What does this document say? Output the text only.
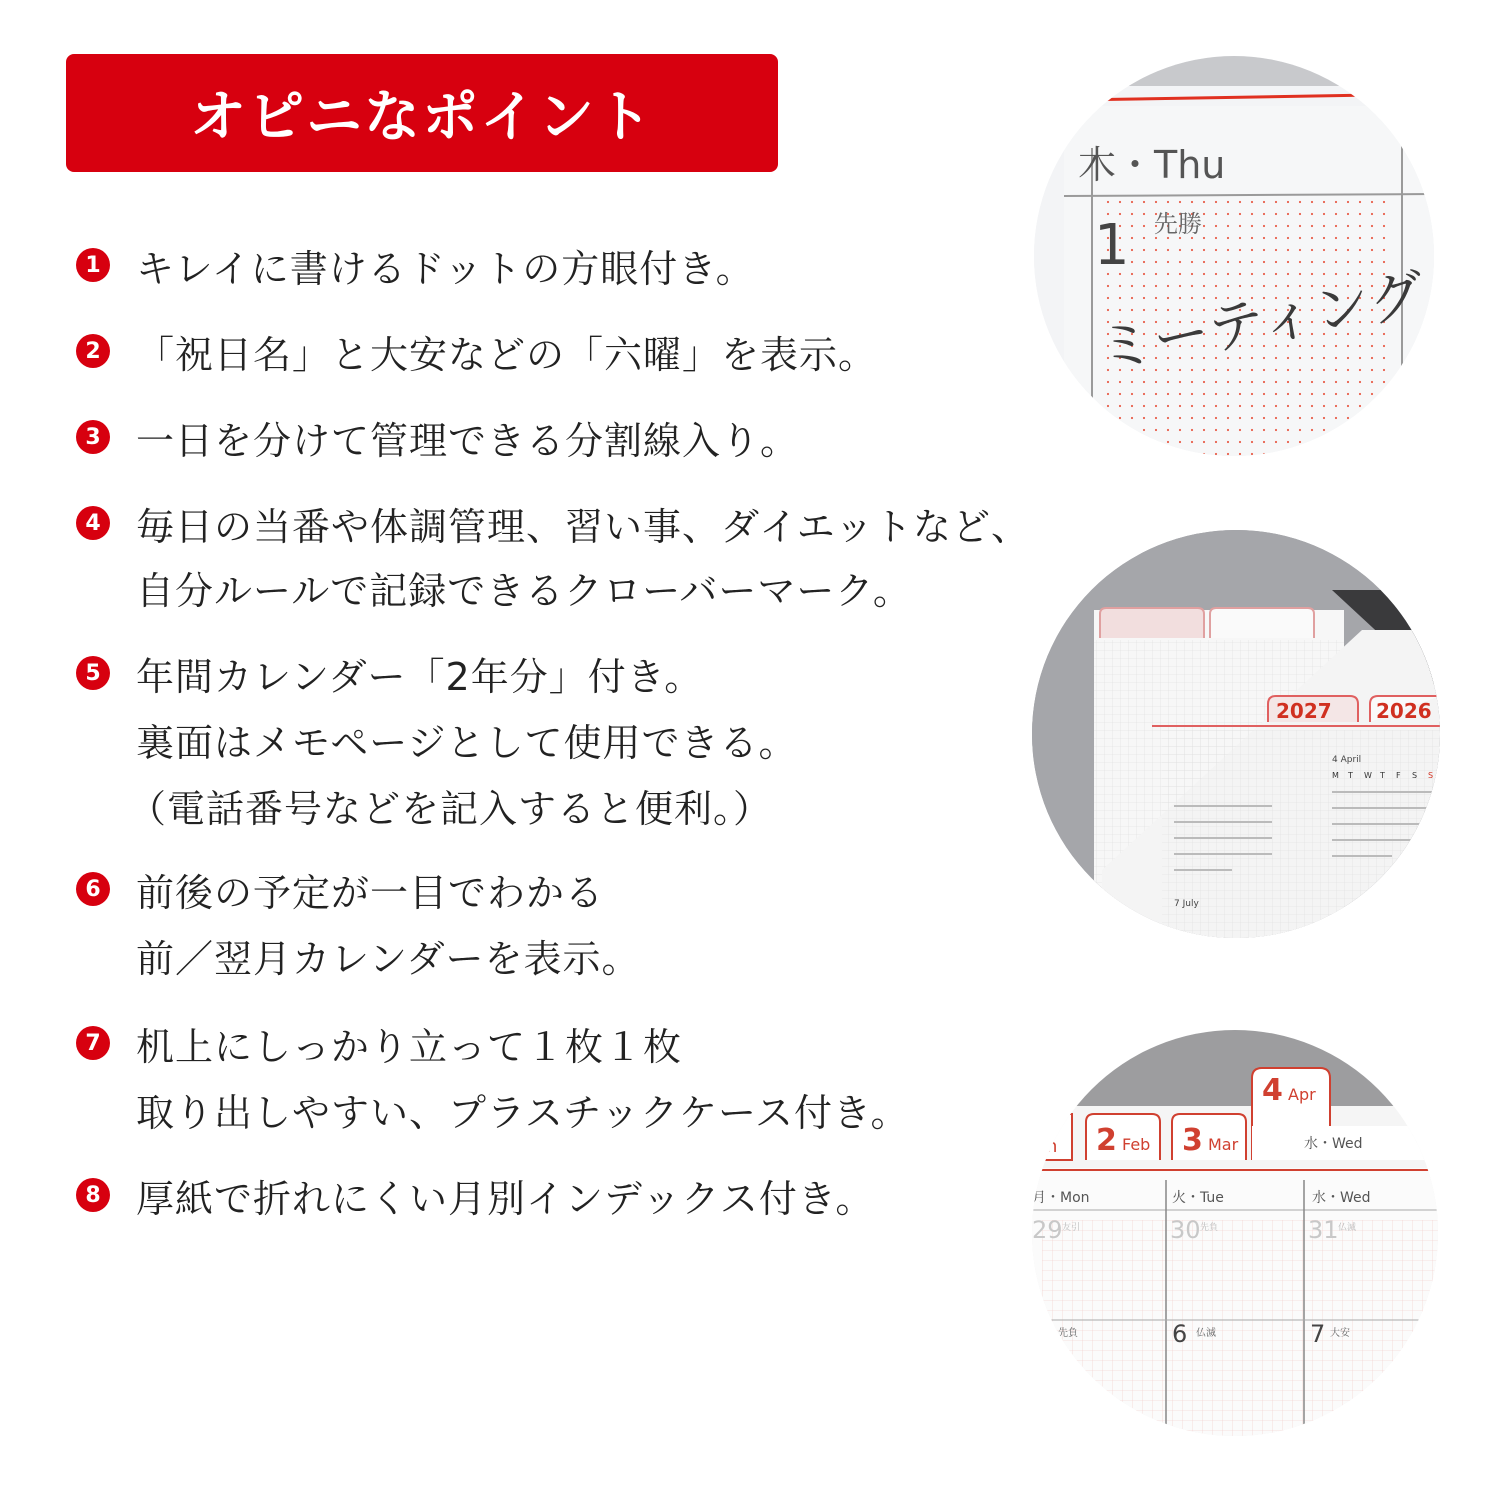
オピニなポイント
1 キレイに書けるドットの方眼付き。
2 「祝日名」と大安などの「六曜」を表示。
3 一日を分けて管理できる分割線入り。
4 毎日の当番や体調管理、習い事、ダイエットなど、
自分ルールで記録できるクローバーマーク。
5 年間カレンダー「2年分」付き。
裏面はメモページとして使用できる。
（電話番号などを記入すると便利。）
6 前後の予定が一目でわかる
前／翌月カレンダーを表示。
7 机上にしっかり立って１枚１枚
取り出しやすい、プラスチックケース付き。
8 厚紙で折れにくい月別インデックス付き。
木・Thu
1 先勝
ミーティング
2027 2026
4 April
7 July
M T W T F S S
n 2 Feb 3 Mar
4 Apr
水・Wed
月・Mon	火・Tue	水・Wed
29	30	31
友引	先負	仏滅
先負	6 仏滅	7 大安
